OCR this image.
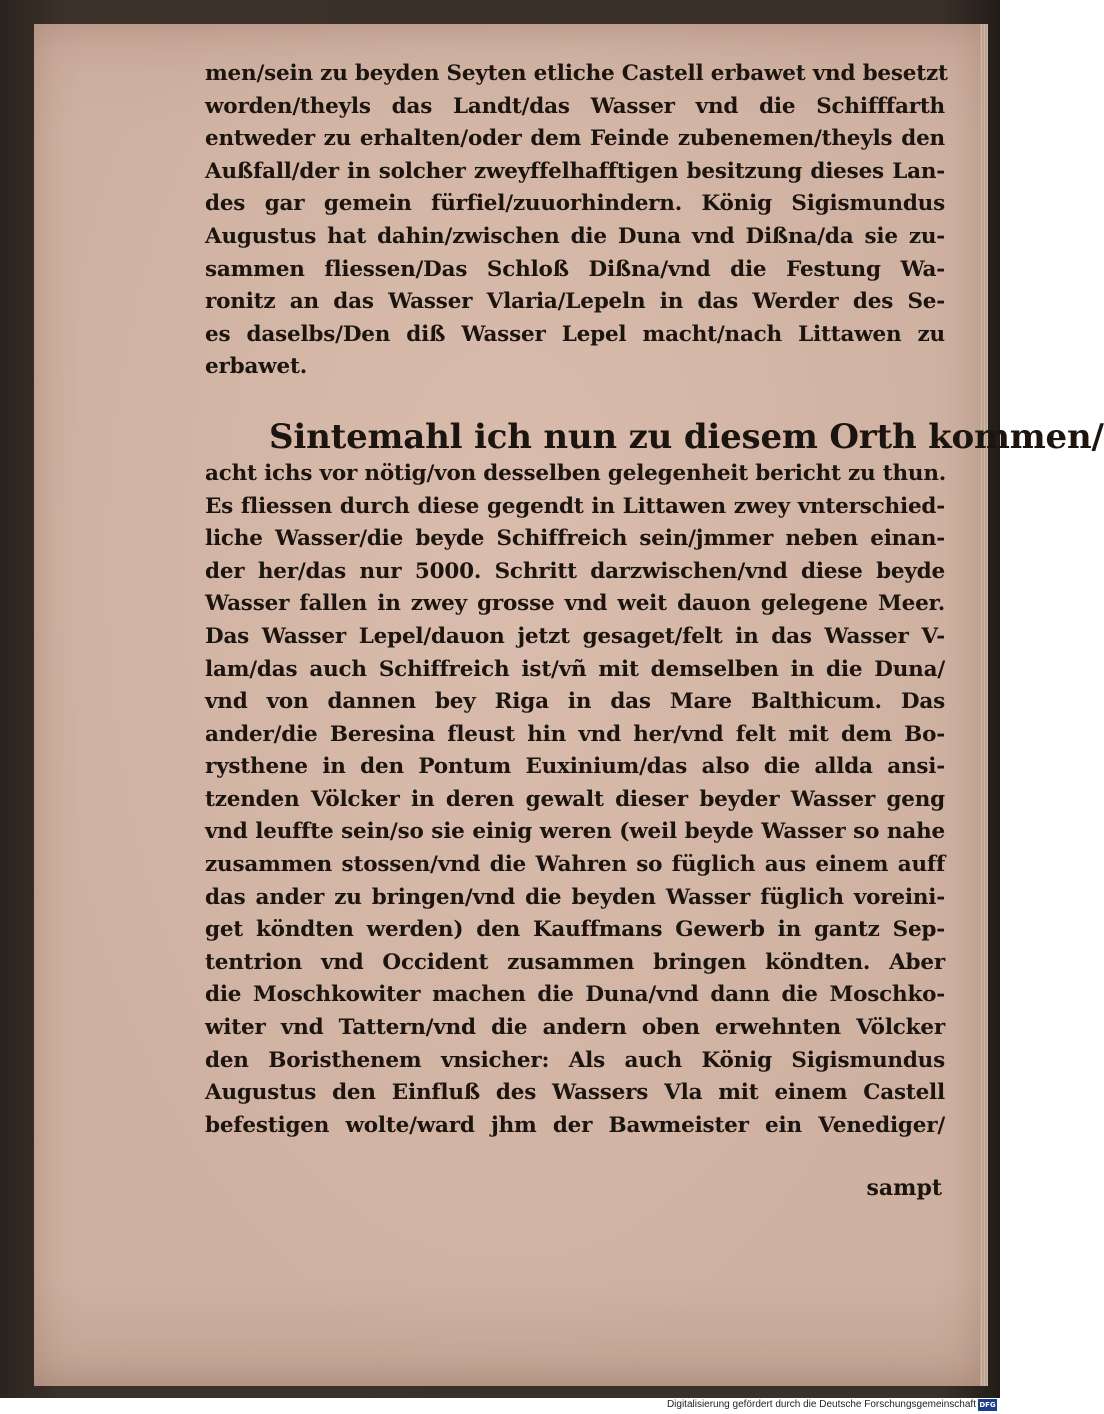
men/sein zu beyden Seyten etliche Castell erbawet vnd besetzt
worden/theyls das Landt/das Wasser vnd die Schifffarth
entweder zu erhalten/oder dem Feinde zubenemen/theyls den
Außfall/der in solcher zweyffelhafftigen besitzung dieses Lan-
des gar gemein fürfiel/zuuorhindern. König Sigismundus
Augustus hat dahin/zwischen die Duna vnd Dißna/da sie zu-
sammen fliessen/Das Schloß Dißna/vnd die Festung Wa-
ronitz an das Wasser Vlaria/Lepeln in das Werder des Se-
es daselbs/Den diß Wasser Lepel macht/nach Littawen zu
erbawet.
Sintemahl ich nun zu diesem Orth kommen/
acht ichs vor nötig/von desselben gelegenheit bericht zu thun.
Es fliessen durch diese gegendt in Littawen zwey vnterschied-
liche Wasser/die beyde Schiffreich sein/jmmer neben einan-
der her/das nur 5000. Schritt darzwischen/vnd diese beyde
Wasser fallen in zwey grosse vnd weit dauon gelegene Meer.
Das Wasser Lepel/dauon jetzt gesaget/felt in das Wasser V-
lam/das auch Schiffreich ist/vñ mit demselben in die Duna/
vnd von dannen bey Riga in das Mare Balthicum. Das
ander/die Beresina fleust hin vnd her/vnd felt mit dem Bo-
rysthene in den Pontum Euxinium/das also die allda ansi-
tzenden Völcker in deren gewalt dieser beyder Wasser geng
vnd leuffte sein/so sie einig weren (weil beyde Wasser so nahe
zusammen stossen/vnd die Wahren so füglich aus einem auff
das ander zu bringen/vnd die beyden Wasser füglich voreini-
get köndten werden) den Kauffmans Gewerb in gantz Sep-
tentrion vnd Occident zusammen bringen köndten. Aber
die Moschkowiter machen die Duna/vnd dann die Moschko-
witer vnd Tattern/vnd die andern oben erwehnten Völcker
den Boristhenem vnsicher: Als auch König Sigismundus
Augustus den Einfluß des Wassers Vla mit einem Castell
befestigen wolte/ward jhm der Bawmeister ein Venediger/
sampt
Digitalisierung gefördert durch die Deutsche Forschungsgemeinschaft DFG
